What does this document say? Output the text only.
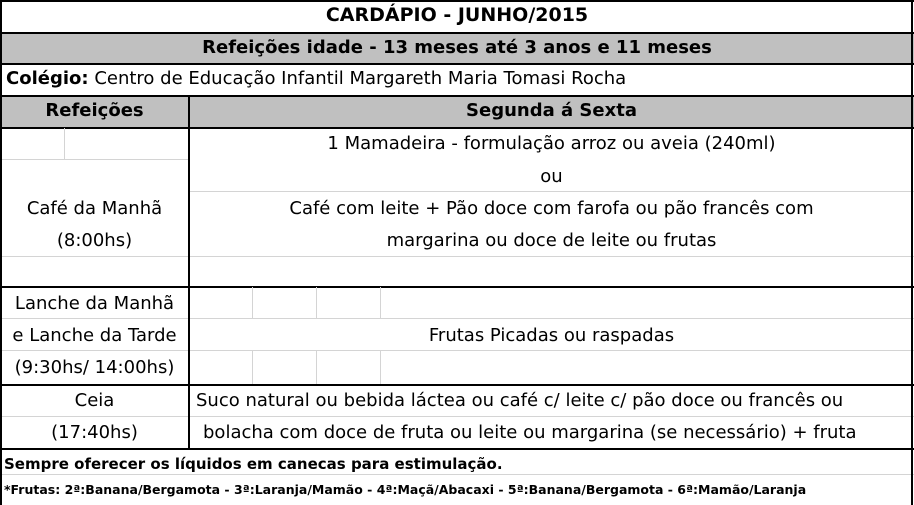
CARDÁPIO - JUNHO/2015
Refeições idade - 13 meses até 3 anos e 11 meses
Colégio: Centro de Educação Infantil Margareth Maria Tomasi Rocha
Refeições	Segunda á Sexta
Café da Manhã
(8:00hs)
1 Mamadeira - formulação arroz ou aveia (240ml)
ou
Café com leite + Pão doce com farofa ou pão francês com
margarina ou doce de leite ou frutas
Lanche da Manhã
e Lanche da Tarde
(9:30hs/ 14:00hs)
Frutas Picadas ou raspadas
Ceia
(17:40hs)
Suco natural ou bebida láctea ou café c/ leite c/ pão doce ou francês ou
bolacha com doce de fruta ou leite ou margarina (se necessário) + fruta
Sempre oferecer os líquidos em canecas para estimulação.
*Frutas: 2ª:Banana/Bergamota - 3ª:Laranja/Mamão - 4ª:Maçã/Abacaxi - 5ª:Banana/Bergamota - 6ª:Mamão/Laranja
